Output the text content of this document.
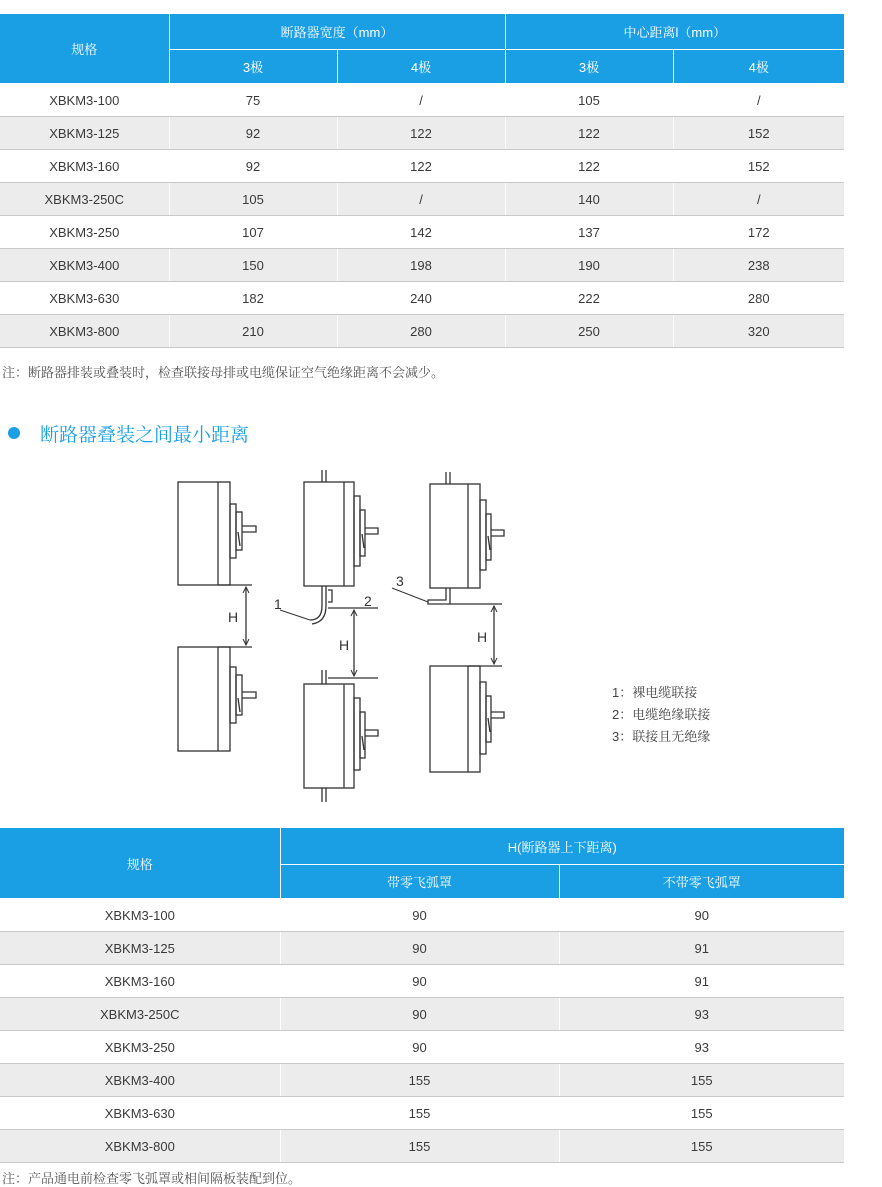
规格	断路器宽度（mm）		中心距离l（mm）	
	3极	4极	3极	4极
XBKM3-100	75	/	105	/
XBKM3-125	92	122	122	152
XBKM3-160	92	122	122	152
XBKM3-250C	105	/	140	/
XBKM3-250	107	142	137	172
XBKM3-400	150	198	190	238
XBKM3-630	182	240	222	280
XBKM3-800	210	280	250	320
注：断路器排装或叠装时，检查联接母排或电缆保证空气绝缘距离不会减少。
断路器叠装之间最小距离
H
1	2
H
3
H
1：裸电缆联接
2：电缆绝缘联接
3：联接且无绝缘
规格	H(断路器上下距离)	
	带零飞弧罩	不带零飞弧罩
XBKM3-100	90	90
XBKM3-125	90	91
XBKM3-160	90	91
XBKM3-250C	90	93
XBKM3-250	90	93
XBKM3-400	155	155
XBKM3-630	155	155
XBKM3-800	155	155
注：产品通电前检查零飞弧罩或相间隔板装配到位。
